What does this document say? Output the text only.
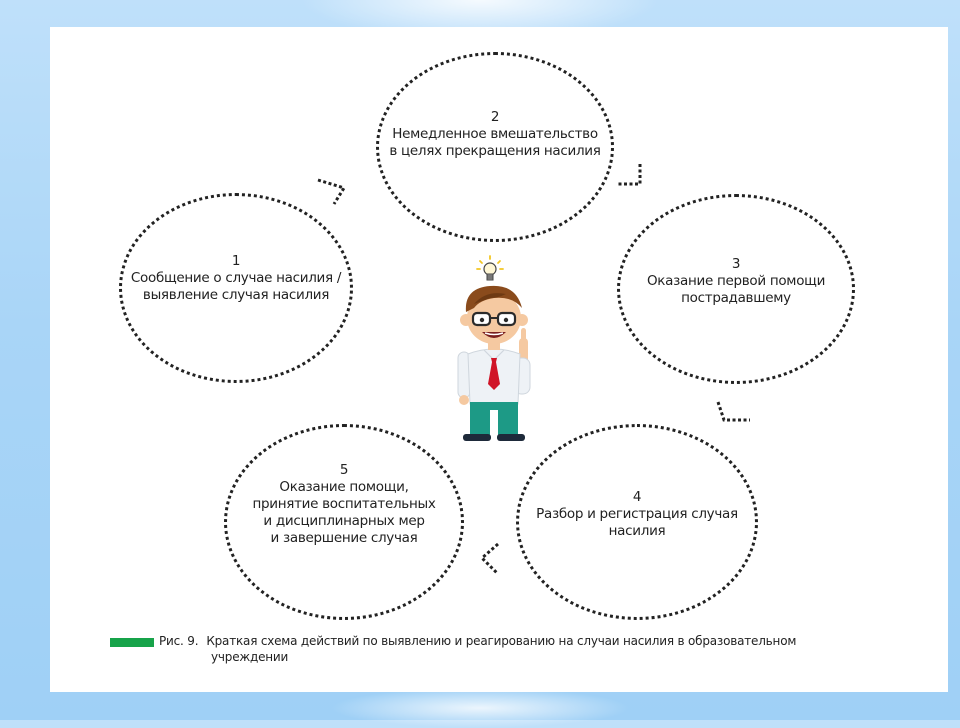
1
Сообщение о случае насилия /
выявление случая насилия
2
Немедленное вмешательство
в целях прекращения насилия
3
Оказание первой помощи
пострадавшему
4
Разбор и регистрация случая
насилия
5
Оказание помощи,
принятие воспитательных
и дисциплинарных мер
и завершение случая
Рис. 9. Краткая схема действий по выявлению и реагированию на случаи насилия в образовательном
учреждении
